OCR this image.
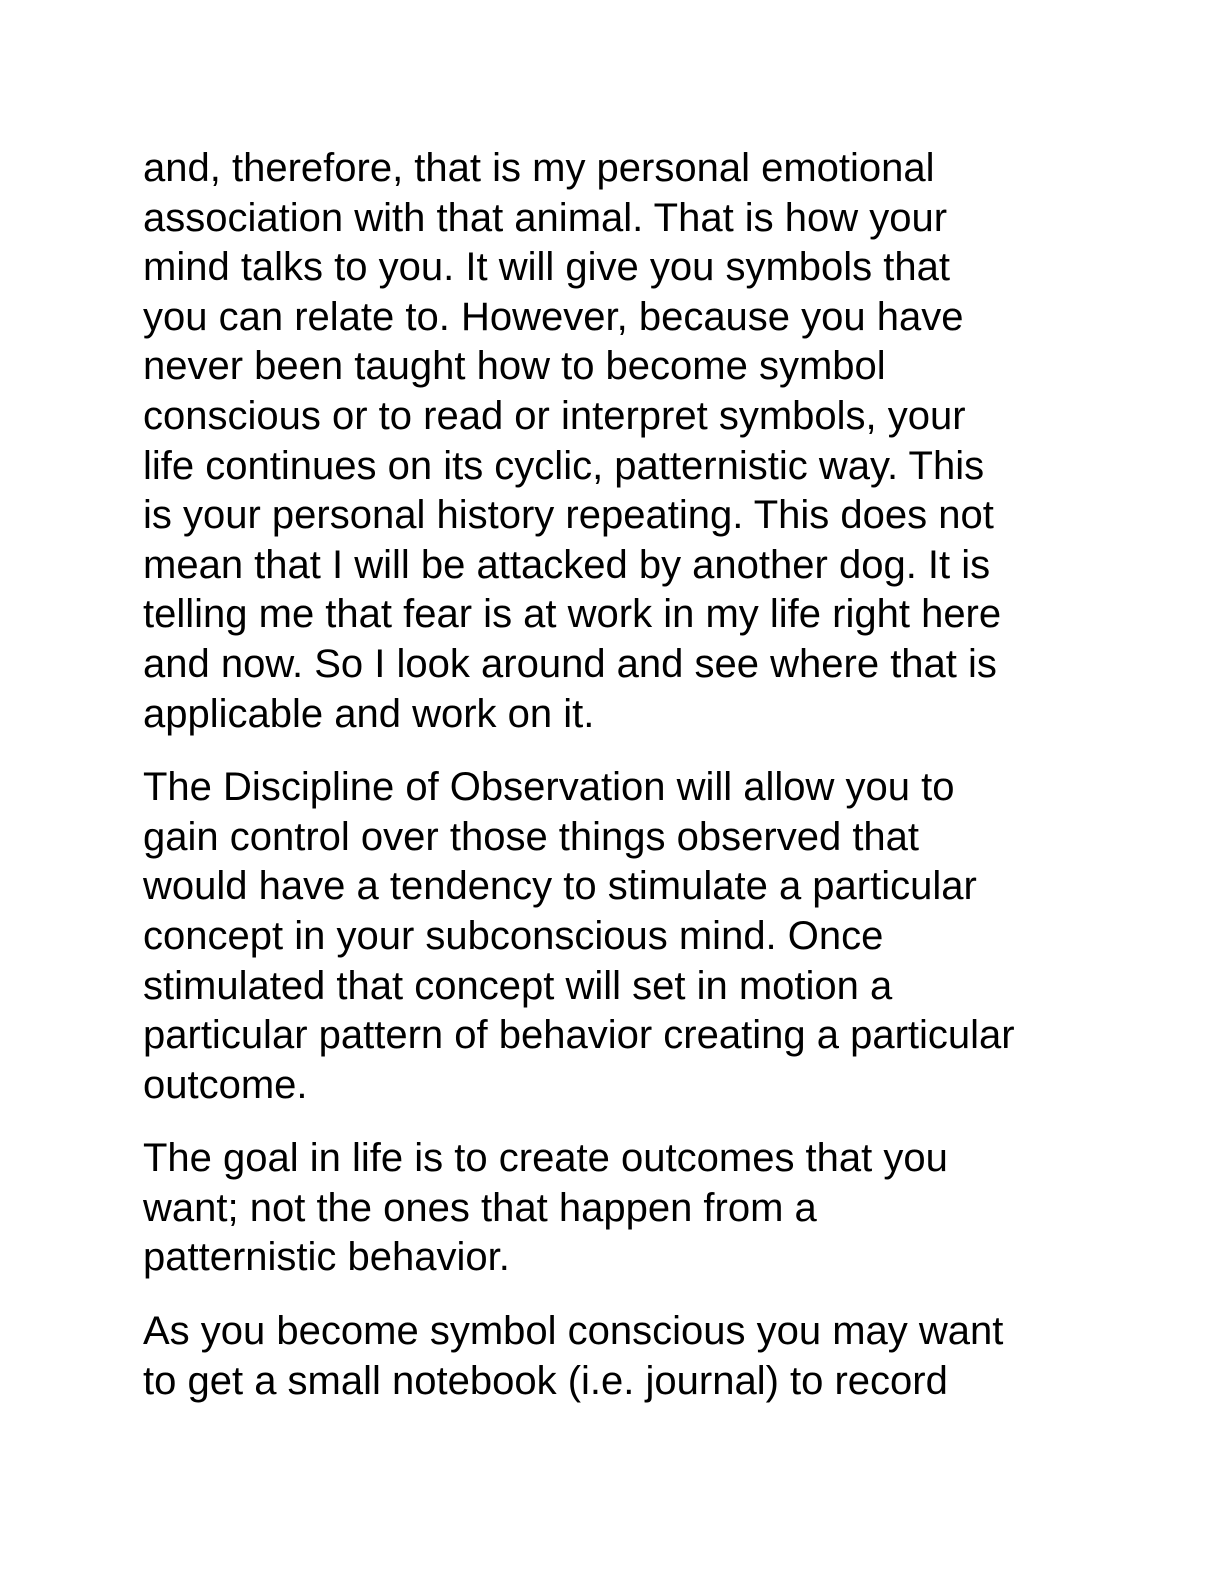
and, therefore, that is my personal emotional
association with that animal. That is how your
mind talks to you. It will give you symbols that
you can relate to. However, because you have
never been taught how to become symbol
conscious or to read or interpret symbols, your
life continues on its cyclic, patternistic way. This
is your personal history repeating. This does not
mean that I will be attacked by another dog. It is
telling me that fear is at work in my life right here
and now. So I look around and see where that is
applicable and work on it.

The Discipline of Observation will allow you to
gain control over those things observed that
would have a tendency to stimulate a particular
concept in your subconscious mind. Once
stimulated that concept will set in motion a
particular pattern of behavior creating a particular
outcome.

The goal in life is to create outcomes that you
want; not the ones that happen from a
patternistic behavior.

As you become symbol conscious you may want
to get a small notebook (i.e. journal) to record
